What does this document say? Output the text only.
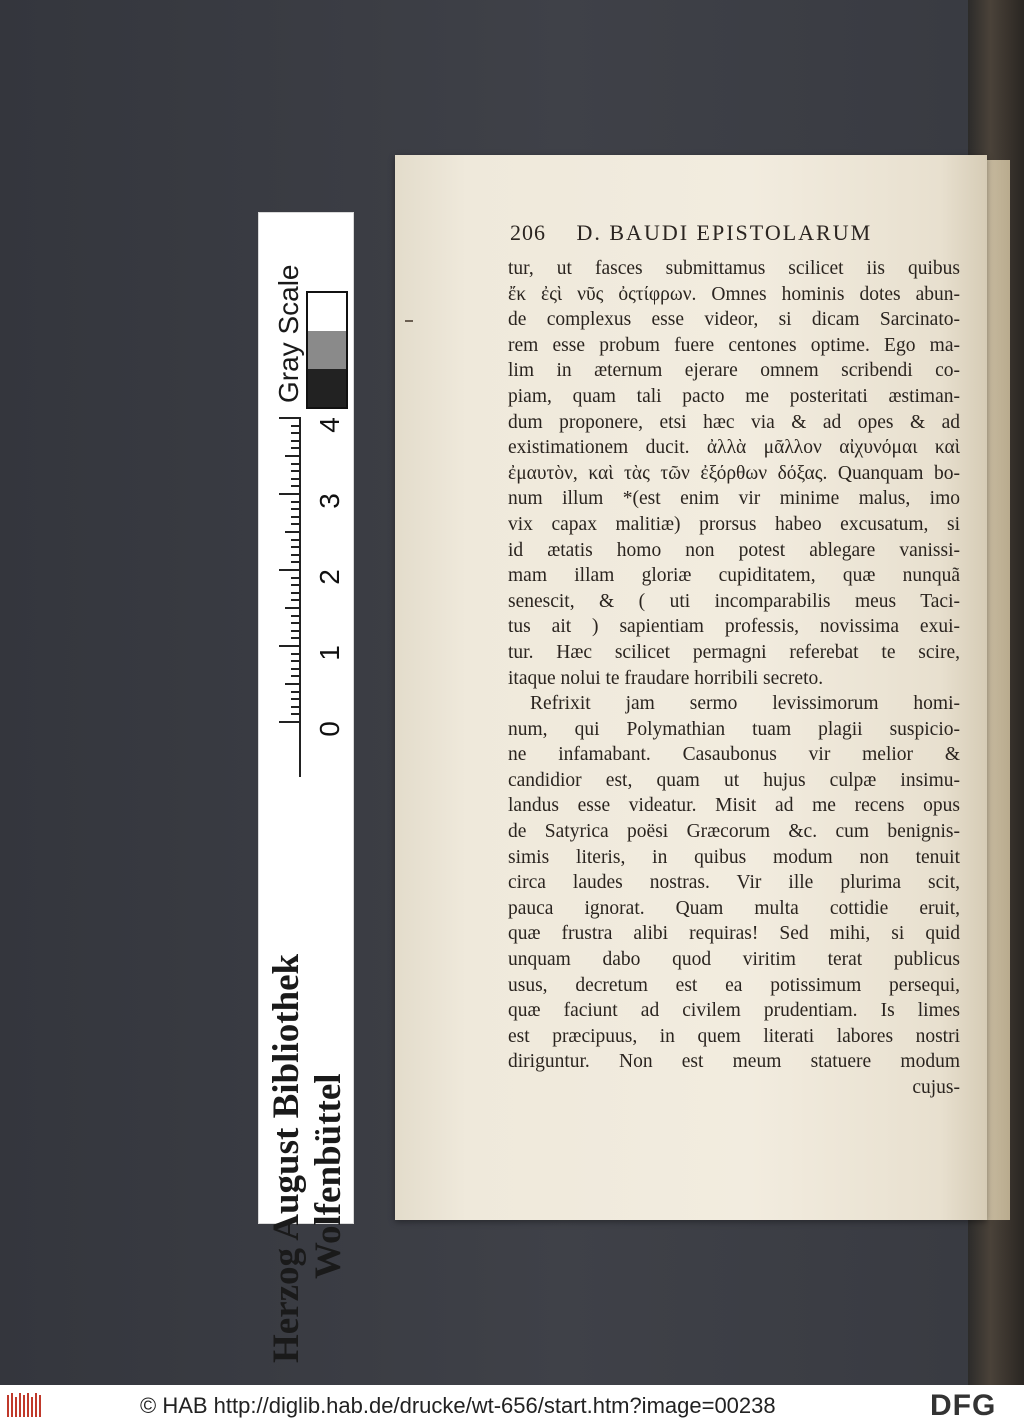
206 D. BAUDI EPISTOLARUM
tur, ut fasces submittamus scilicet iis quibus
ἔκ ἐςὶ νῦς ὀςτίφρων. Omnes hominis dotes abun-
de complexus esse videor, si dicam Sarcinato-
rem esse probum fuere centones optime. Ego ma-
lim in æternum ejerare omnem scribendi co-
piam, quam tali pacto me posteritati æstiman-
dum proponere, etsi hæc via & ad opes & ad
existimationem ducit. ἀλλὰ μᾶλλον αἰχυνόμαι καὶ
ἐμαυτὸν, καὶ τὰς τῶν ἐξόρθων δόξας. Quanquam bo-
num illum *(est enim vir minime malus, imo
vix capax malitiæ) prorsus habeo excusatum, si
id ætatis homo non potest ablegare vanissi-
mam illam gloriæ cupiditatem, quæ nunquã
senescit, & ( uti incomparabilis meus Taci-
tus ait ) sapientiam professis, novissima exui-
tur. Hæc scilicet permagni referebat te scire,
itaque nolui te fraudare horribili secreto.
Refrixit jam sermo levissimorum homi-
num, qui Polymathian tuam plagii suspicio-
ne infamabant. Casaubonus vir melior &
candidior est, quam ut hujus culpæ insimu-
landus esse videatur. Misit ad me recens opus
de Satyrica poësi Græcorum &c. cum benignis-
simis literis, in quibus modum non tenuit
circa laudes nostras. Vir ille plurima scit,
pauca ignorat. Quam multa cottidie eruit,
quæ frustra alibi requiras! Sed mihi, si quid
unquam dabo quod viritim terat publicus
usus, decretum est ea potissimum persequi,
quæ faciunt ad civilem prudentiam. Is limes
est præcipuus, in quem literati labores nostri
diriguntur. Non est meum statuere modum
cujus-
Herzog August Bibliothek Wolfenbüttel
Gray Scale
0
1
2
3
4
© HAB http://diglib.hab.de/drucke/wt-656/start.htm?image=00238	DFG
